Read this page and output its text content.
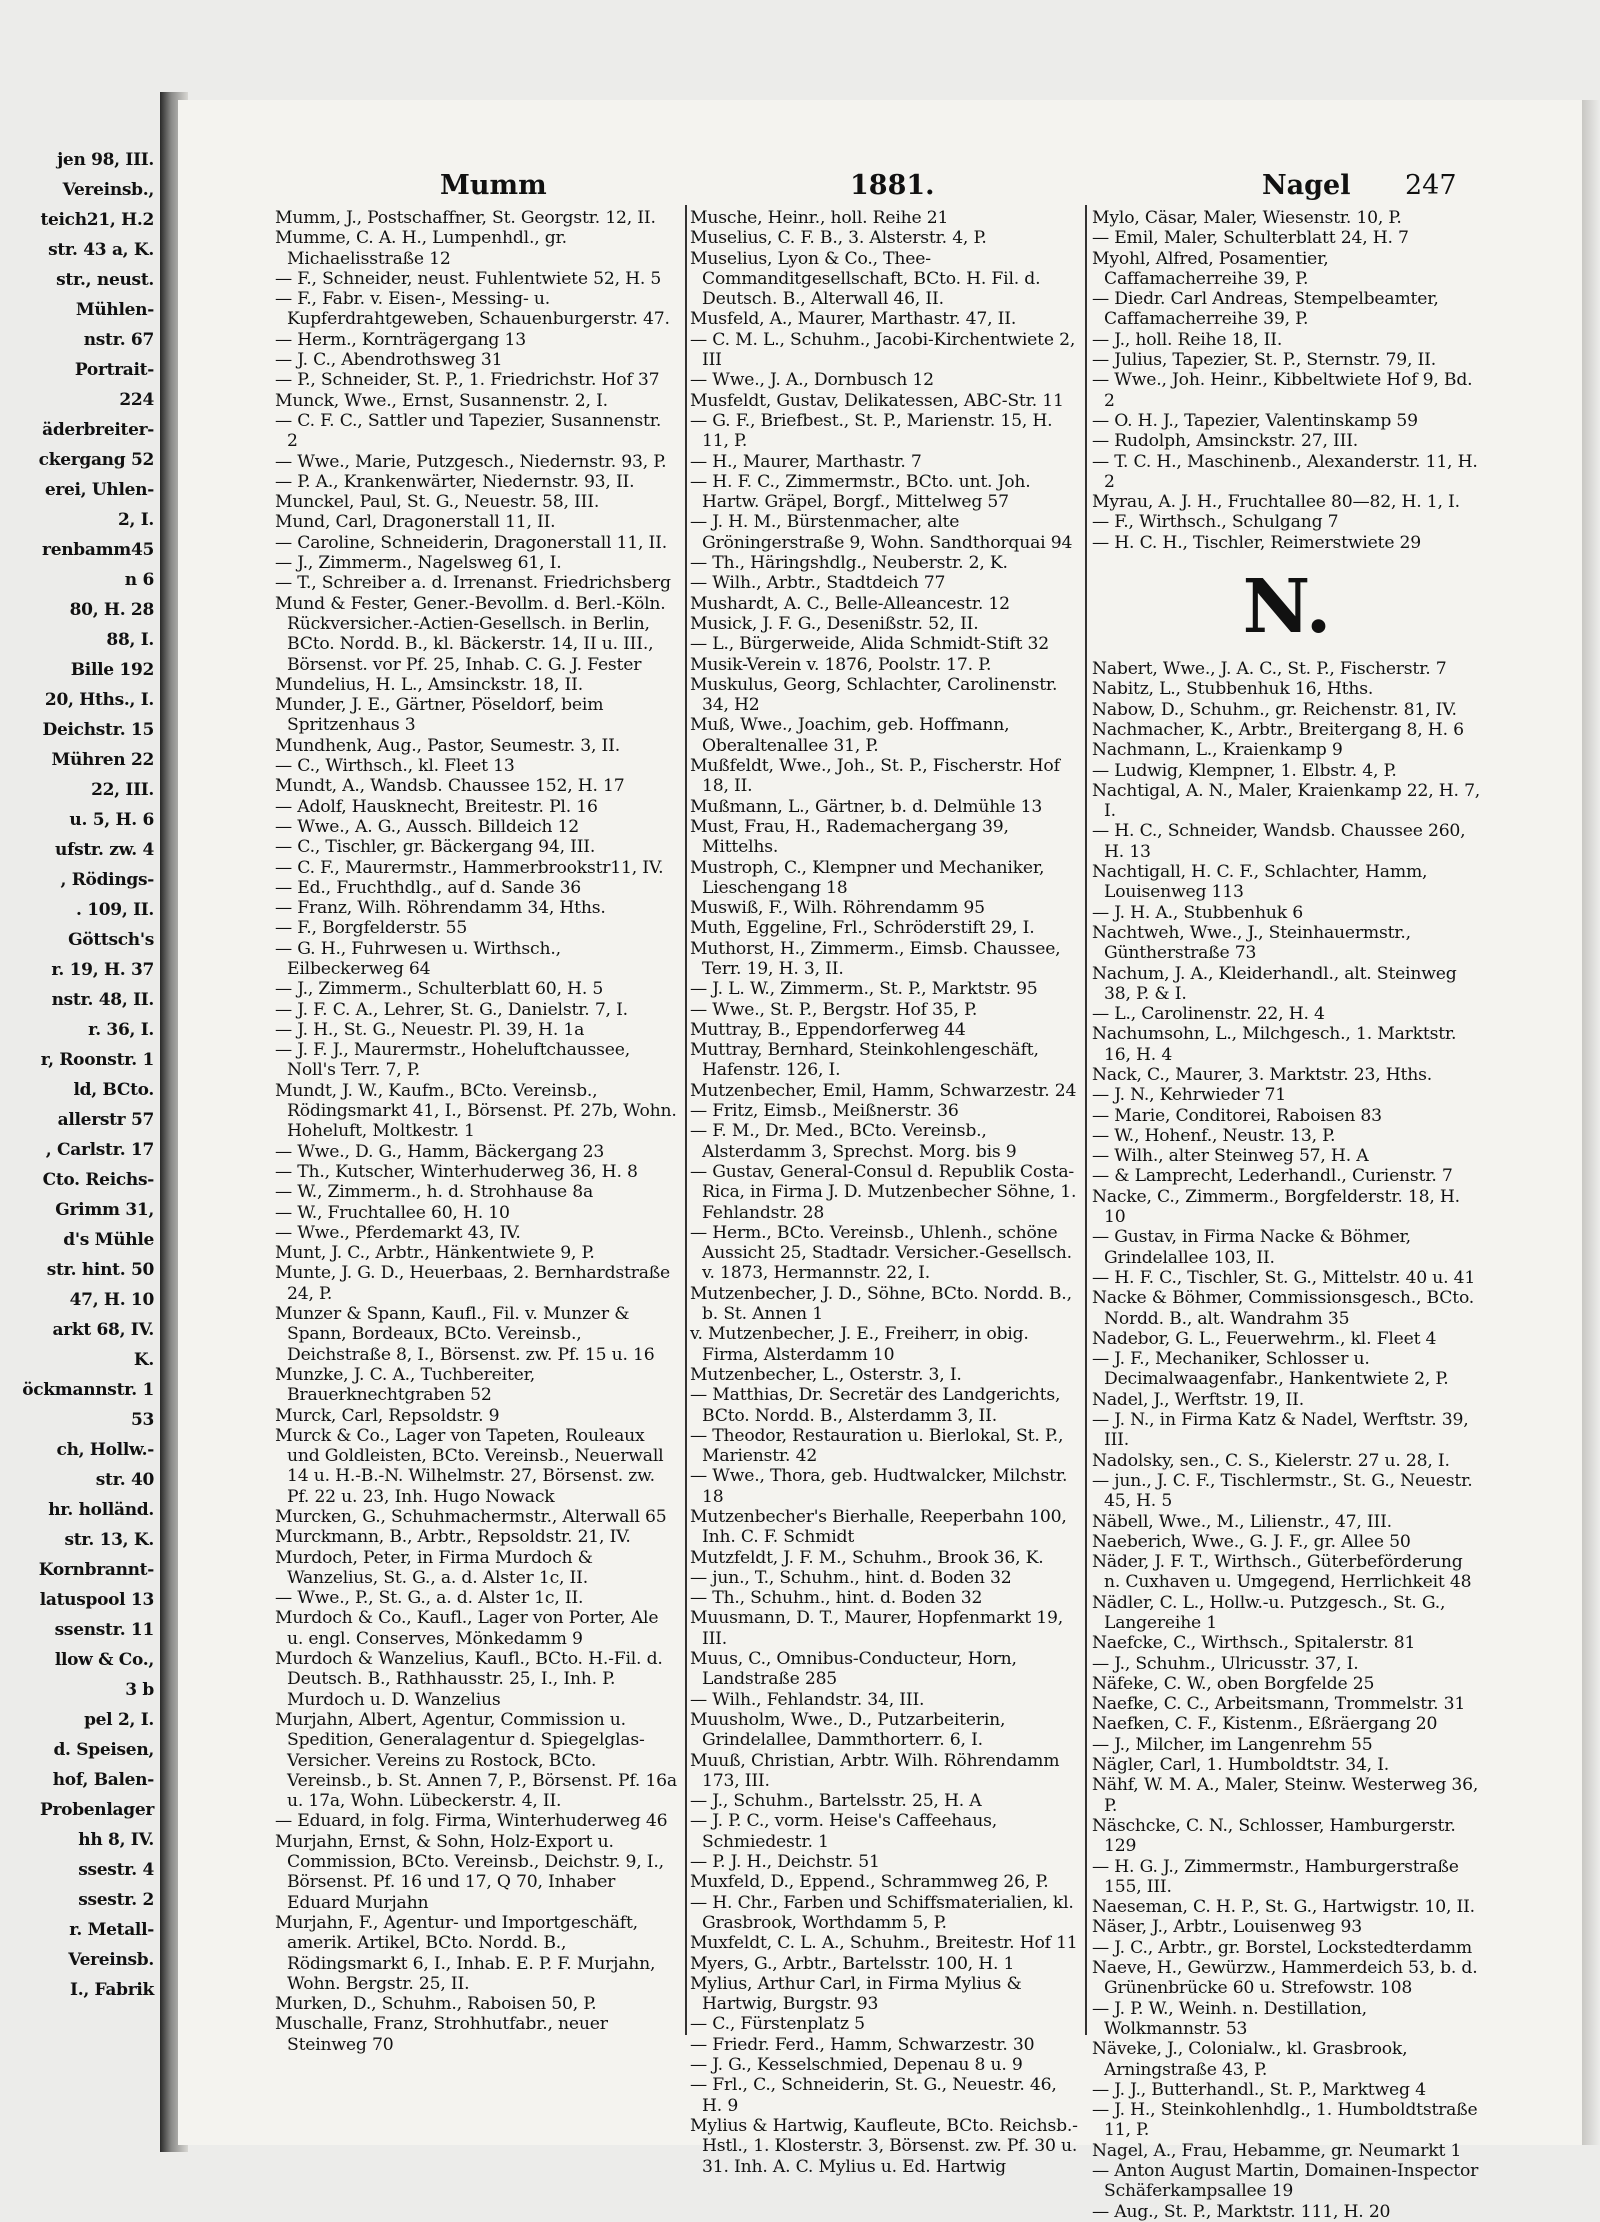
jen 98, III.
Vereinsb.,
teich21, H.2
str. 43 a, K.
str., neust.
Mühlen-
nstr. 67
Portrait-
224
äderbreiter-
ckergang 52
erei, Uhlen-
2, I.
renbamm45
n 6
80, H. 28
88, I.
Bille 192
20, Hths., I.
Deichstr. 15
Mühren 22
22, III.
u. 5, H. 6
ufstr. zw. 4
, Rödings-
. 109, II.
Göttsch's
r. 19, H. 37
nstr. 48, II.
r. 36, I.
r, Roonstr. 1
ld, BCto.
allerstr 57
, Carlstr. 17
Cto. Reichs-
Grimm 31,
d's Mühle
str. hint. 50
47, H. 10
arkt 68, IV.
K.
öckmannstr. 1
53
ch, Hollw.-
str. 40
hr. holländ.
str. 13, K.
Kornbrannt-
latuspool 13
ssenstr. 11
llow & Co.,
3 b
pel 2, I.
d. Speisen,
hof, Balen-
Probenlager
hh 8, IV.
ssestr. 4
ssestr. 2
r. Metall-
Vereinsb.
I., Fabrik
Mumm	1881.	Nagel 247

Mumm, J., Postschaffner, St. Georgstr. 12, II.

Mumme, C. A. H., Lumpenhdl., gr. Michaelisstraße 12

— F., Schneider, neust. Fuhlentwiete 52, H. 5

— F., Fabr. v. Eisen-, Messing- u. Kupferdrahtgeweben, Schauenburgerstr. 47.

— Herm., Kornträgergang 13

— J. C., Abendrothsweg 31

— P., Schneider, St. P., 1. Friedrichstr. Hof 37

Munck, Wwe., Ernst, Susannenstr. 2, I.

— C. F. C., Sattler und Tapezier, Susannenstr. 2

— Wwe., Marie, Putzgesch., Niedernstr. 93, P.

— P. A., Krankenwärter, Niedernstr. 93, II.

Munckel, Paul, St. G., Neuestr. 58, III.

Mund, Carl, Dragonerstall 11, II.

— Caroline, Schneiderin, Dragonerstall 11, II.

— J., Zimmerm., Nagelsweg 61, I.

— T., Schreiber a. d. Irrenanst. Friedrichsberg

Mund & Fester, Gener.-Bevollm. d. Berl.-Köln. Rückversicher.-Actien-Gesellsch. in Berlin, BCto. Nordd. B., kl. Bäckerstr. 14, II u. III., Börsenst. vor Pf. 25, Inhab. C. G. J. Fester

Mundelius, H. L., Amsinckstr. 18, II.

Munder, J. E., Gärtner, Pöseldorf, beim Spritzenhaus 3

Mundhenk, Aug., Pastor, Seumestr. 3, II.

— C., Wirthsch., kl. Fleet 13

Mundt, A., Wandsb. Chaussee 152, H. 17

— Adolf, Hausknecht, Breitestr. Pl. 16

— Wwe., A. G., Aussch. Billdeich 12

— C., Tischler, gr. Bäckergang 94, III.

— C. F., Maurermstr., Hammerbrookstr11, IV.

— Ed., Fruchthdlg., auf d. Sande 36

— Franz, Wilh. Röhrendamm 34, Hths.

— F., Borgfelderstr. 55

— G. H., Fuhrwesen u. Wirthsch., Eilbeckerweg 64

— J., Zimmerm., Schulterblatt 60, H. 5

— J. F. C. A., Lehrer, St. G., Danielstr. 7, I.

— J. H., St. G., Neuestr. Pl. 39, H. 1a

— J. F. J., Maurermstr., Hoheluftchaussee, Noll's Terr. 7, P.

Mundt, J. W., Kaufm., BCto. Vereinsb., Rödingsmarkt 41, I., Börsenst. Pf. 27b, Wohn. Hoheluft, Moltkestr. 1

— Wwe., D. G., Hamm, Bäckergang 23

— Th., Kutscher, Winterhuderweg 36, H. 8

— W., Zimmerm., h. d. Strohhause 8a

— W., Fruchtallee 60, H. 10

— Wwe., Pferdemarkt 43, IV.

Munt, J. C., Arbtr., Hänkentwiete 9, P.

Munte, J. G. D., Heuerbaas, 2. Bernhardstraße 24, P.

Munzer & Spann, Kaufl., Fil. v. Munzer & Spann, Bordeaux, BCto. Vereinsb., Deichstraße 8, I., Börsenst. zw. Pf. 15 u. 16

Munzke, J. C. A., Tuchbereiter, Brauerknechtgraben 52

Murck, Carl, Repsoldstr. 9

Murck & Co., Lager von Tapeten, Rouleaux und Goldleisten, BCto. Vereinsb., Neuerwall 14 u. H.-B.-N. Wilhelmstr. 27, Börsenst. zw. Pf. 22 u. 23, Inh. Hugo Nowack

Murcken, G., Schuhmachermstr., Alterwall 65

Murckmann, B., Arbtr., Repsoldstr. 21, IV.

Murdoch, Peter, in Firma Murdoch & Wanzelius, St. G., a. d. Alster 1c, II.

— Wwe., P., St. G., a. d. Alster 1c, II.

Murdoch & Co., Kaufl., Lager von Porter, Ale u. engl. Conserves, Mönkedamm 9

Murdoch & Wanzelius, Kaufl., BCto. H.-Fil. d. Deutsch. B., Rathhausstr. 25, I., Inh. P. Murdoch u. D. Wanzelius

Murjahn, Albert, Agentur, Commission u. Spedition, Generalagentur d. Spiegelglas-Versicher. Vereins zu Rostock, BCto. Vereinsb., b. St. Annen 7, P., Börsenst. Pf. 16a u. 17a, Wohn. Lübeckerstr. 4, II.

— Eduard, in folg. Firma, Winterhuderweg 46

Murjahn, Ernst, & Sohn, Holz-Export u. Commission, BCto. Vereinsb., Deichstr. 9, I., Börsenst. Pf. 16 und 17, Q 70, Inhaber Eduard Murjahn

Murjahn, F., Agentur- und Importgeschäft, amerik. Artikel, BCto. Nordd. B., Rödingsmarkt 6, I., Inhab. E. P. F. Murjahn, Wohn. Bergstr. 25, II.

Murken, D., Schuhm., Raboisen 50, P.

Muschalle, Franz, Strohhutfabr., neuer Steinweg 70

Musche, Heinr., holl. Reihe 21

Muselius, C. F. B., 3. Alsterstr. 4, P.

Muselius, Lyon & Co., Thee-Commanditgesellschaft, BCto. H. Fil. d. Deutsch. B., Alterwall 46, II.

Musfeld, A., Maurer, Marthastr. 47, II.

— C. M. L., Schuhm., Jacobi-Kirchentwiete 2, III

— Wwe., J. A., Dornbusch 12

Musfeldt, Gustav, Delikatessen, ABC-Str. 11

— G. F., Briefbest., St. P., Marienstr. 15, H. 11, P.

— H., Maurer, Marthastr. 7

— H. F. C., Zimmermstr., BCto. unt. Joh. Hartw. Gräpel, Borgf., Mittelweg 57

— J. H. M., Bürstenmacher, alte Gröningerstraße 9, Wohn. Sandthorquai 94

— Th., Häringshdlg., Neuberstr. 2, K.

— Wilh., Arbtr., Stadtdeich 77

Mushardt, A. C., Belle-Alleancestr. 12

Musick, J. F. G., Desenißstr. 52, II.

— L., Bürgerweide, Alida Schmidt-Stift 32

Musik-Verein v. 1876, Poolstr. 17. P.

Muskulus, Georg, Schlachter, Carolinenstr. 34, H2

Muß, Wwe., Joachim, geb. Hoffmann, Oberaltenallee 31, P.

Mußfeldt, Wwe., Joh., St. P., Fischerstr. Hof 18, II.

Mußmann, L., Gärtner, b. d. Delmühle 13

Must, Frau, H., Rademachergang 39, Mittelhs.

Mustroph, C., Klempner und Mechaniker, Lieschengang 18

Muswiß, F., Wilh. Röhrendamm 95

Muth, Eggeline, Frl., Schröderstift 29, I.

Muthorst, H., Zimmerm., Eimsb. Chaussee, Terr. 19, H. 3, II.

— J. L. W., Zimmerm., St. P., Marktstr. 95

— Wwe., St. P., Bergstr. Hof 35, P.

Muttray, B., Eppendorferweg 44

Muttray, Bernhard, Steinkohlengeschäft, Hafenstr. 126, I.

Mutzenbecher, Emil, Hamm, Schwarzestr. 24

— Fritz, Eimsb., Meißnerstr. 36

— F. M., Dr. Med., BCto. Vereinsb., Alsterdamm 3, Sprechst. Morg. bis 9

— Gustav, General-Consul d. Republik Costa-Rica, in Firma J. D. Mutzenbecher Söhne, 1. Fehlandstr. 28

— Herm., BCto. Vereinsb., Uhlenh., schöne Aussicht 25, Stadtadr. Versicher.-Gesellsch. v. 1873, Hermannstr. 22, I.

Mutzenbecher, J. D., Söhne, BCto. Nordd. B., b. St. Annen 1

v. Mutzenbecher, J. E., Freiherr, in obig. Firma, Alsterdamm 10

Mutzenbecher, L., Osterstr. 3, I.

— Matthias, Dr. Secretär des Landgerichts, BCto. Nordd. B., Alsterdamm 3, II.

— Theodor, Restauration u. Bierlokal, St. P., Marienstr. 42

— Wwe., Thora, geb. Hudtwalcker, Milchstr. 18

Mutzenbecher's Bierhalle, Reeperbahn 100, Inh. C. F. Schmidt

Mutzfeldt, J. F. M., Schuhm., Brook 36, K.

— jun., T., Schuhm., hint. d. Boden 32

— Th., Schuhm., hint. d. Boden 32

Muusmann, D. T., Maurer, Hopfenmarkt 19, III.

Muus, C., Omnibus-Conducteur, Horn, Landstraße 285

— Wilh., Fehlandstr. 34, III.

Muusholm, Wwe., D., Putzarbeiterin, Grindelallee, Dammthorterr. 6, I.

Muuß, Christian, Arbtr. Wilh. Röhrendamm 173, III.

— J., Schuhm., Bartelsstr. 25, H. A

— J. P. C., vorm. Heise's Caffeehaus, Schmiedestr. 1

— P. J. H., Deichstr. 51

Muxfeld, D., Eppend., Schrammweg 26, P.

— H. Chr., Farben und Schiffsmaterialien, kl. Grasbrook, Worthdamm 5, P.

Muxfeldt, C. L. A., Schuhm., Breitestr. Hof 11

Myers, G., Arbtr., Bartelsstr. 100, H. 1

Mylius, Arthur Carl, in Firma Mylius & Hartwig, Burgstr. 93

— C., Fürstenplatz 5

— Friedr. Ferd., Hamm, Schwarzestr. 30

— J. G., Kesselschmied, Depenau 8 u. 9

— Frl., C., Schneiderin, St. G., Neuestr. 46, H. 9

Mylius & Hartwig, Kaufleute, BCto. Reichsb.-Hstl., 1. Klosterstr. 3, Börsenst. zw. Pf. 30 u. 31. Inh. A. C. Mylius u. Ed. Hartwig

Mylo, Cäsar, Maler, Wiesenstr. 10, P.

— Emil, Maler, Schulterblatt 24, H. 7

Myohl, Alfred, Posamentier, Caffamacherreihe 39, P.

— Diedr. Carl Andreas, Stempelbeamter, Caffamacherreihe 39, P.

— J., holl. Reihe 18, II.

— Julius, Tapezier, St. P., Sternstr. 79, II.

— Wwe., Joh. Heinr., Kibbeltwiete Hof 9, Bd. 2

— O. H. J., Tapezier, Valentinskamp 59

— Rudolph, Amsinckstr. 27, III.

— T. C. H., Maschinenb., Alexanderstr. 11, H. 2

Myrau, A. J. H., Fruchtallee 80—82, H. 1, I.

— F., Wirthsch., Schulgang 7

— H. C. H., Tischler, Reimerstwiete 29

N.

Nabert, Wwe., J. A. C., St. P., Fischerstr. 7

Nabitz, L., Stubbenhuk 16, Hths.

Nabow, D., Schuhm., gr. Reichenstr. 81, IV.

Nachmacher, K., Arbtr., Breitergang 8, H. 6

Nachmann, L., Kraienkamp 9

— Ludwig, Klempner, 1. Elbstr. 4, P.

Nachtigal, A. N., Maler, Kraienkamp 22, H. 7, I.

— H. C., Schneider, Wandsb. Chaussee 260, H. 13

Nachtigall, H. C. F., Schlachter, Hamm, Louisenweg 113

— J. H. A., Stubbenhuk 6

Nachtweh, Wwe., J., Steinhauermstr., Güntherstraße 73

Nachum, J. A., Kleiderhandl., alt. Steinweg 38, P. & I.

— L., Carolinenstr. 22, H. 4

Nachumsohn, L., Milchgesch., 1. Marktstr. 16, H. 4

Nack, C., Maurer, 3. Marktstr. 23, Hths.

— J. N., Kehrwieder 71

— Marie, Conditorei, Raboisen 83

— W., Hohenf., Neustr. 13, P.

— Wilh., alter Steinweg 57, H. A

— & Lamprecht, Lederhandl., Curienstr. 7

Nacke, C., Zimmerm., Borgfelderstr. 18, H. 10

— Gustav, in Firma Nacke & Böhmer, Grindelallee 103, II.

— H. F. C., Tischler, St. G., Mittelstr. 40 u. 41

Nacke & Böhmer, Commissionsgesch., BCto. Nordd. B., alt. Wandrahm 35

Nadebor, G. L., Feuerwehrm., kl. Fleet 4

— J. F., Mechaniker, Schlosser u. Decimalwaagenfabr., Hankentwiete 2, P.

Nadel, J., Werftstr. 19, II.

— J. N., in Firma Katz & Nadel, Werftstr. 39, III.

Nadolsky, sen., C. S., Kielerstr. 27 u. 28, I.

— jun., J. C. F., Tischlermstr., St. G., Neuestr. 45, H. 5

Näbell, Wwe., M., Lilienstr., 47, III.

Naeberich, Wwe., G. J. F., gr. Allee 50

Näder, J. F. T., Wirthsch., Güterbeförderung n. Cuxhaven u. Umgegend, Herrlichkeit 48

Nädler, C. L., Hollw.-u. Putzgesch., St. G., Langereihe 1

Naefcke, C., Wirthsch., Spitalerstr. 81

— J., Schuhm., Ulricusstr. 37, I.

Näfeke, C. W., oben Borgfelde 25

Naefke, C. C., Arbeitsmann, Trommelstr. 31

Naefken, C. F., Kistenm., Eßräergang 20

— J., Milcher, im Langenrehm 55

Nägler, Carl, 1. Humboldtstr. 34, I.

Nähf, W. M. A., Maler, Steinw. Westerweg 36, P.

Näschcke, C. N., Schlosser, Hamburgerstr. 129

— H. G. J., Zimmermstr., Hamburgerstraße 155, III.

Naeseman, C. H. P., St. G., Hartwigstr. 10, II.

Näser, J., Arbtr., Louisenweg 93

— J. C., Arbtr., gr. Borstel, Lockstedterdamm

Naeve, H., Gewürzw., Hammerdeich 53, b. d. Grünenbrücke 60 u. Strefowstr. 108

— J. P. W., Weinh. n. Destillation, Wolkmannstr. 53

Näveke, J., Colonialw., kl. Grasbrook, Arningstraße 43, P.

— J. J., Butterhandl., St. P., Marktweg 4

— J. H., Steinkohlenhdlg., 1. Humboldtstraße 11, P.

Nagel, A., Frau, Hebamme, gr. Neumarkt 1

— Anton August Martin, Domainen-Inspector Schäferkampsallee 19

— Aug., St. P., Marktstr. 111, H. 20
